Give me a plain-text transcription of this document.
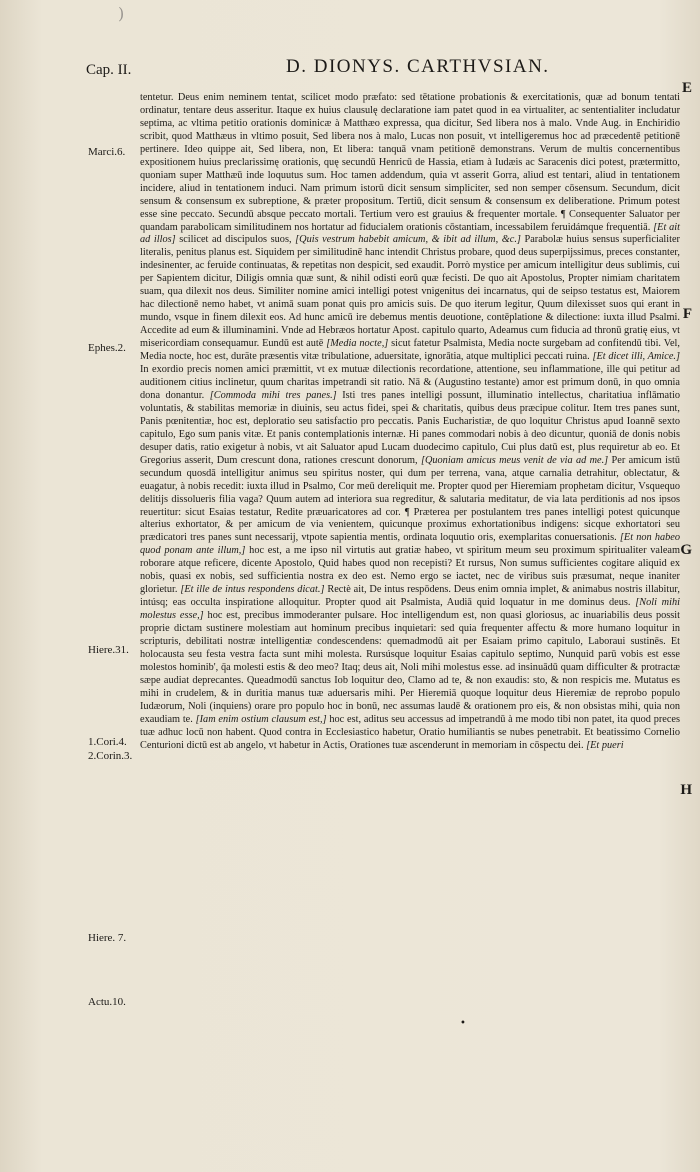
)
Cap. II.	D. DIONYS. CARTHVSIAN.
E
F
G
H
Marci.6.
Ephes.2.
Hiere.31.
1.Cori.4.
2.Corin.3.
Hiere. 7.
Actu.10.

tentetur. Deus enim neminem tentat, scilicet modo præfato: sed tētatione probationis & exercitationis, quæ ad bonum tentati ordinatur, tentare deus asseritur. Itaque ex huius clausulę declaratione iam patet quod in ea virtualiter, ac sententialiter includatur septima, ac vltima petitio orationis dominicæ à Matthæo expressa, qua dicitur, Sed libera nos à malo. Vnde Aug. in Enchiridio scribit, quod Matthæus in vltimo posuit, Sed libera nos à malo, Lucas non posuit, vt intelligeremus hoc ad præcedentē petitionē pertinere. Ideo quippe ait, Sed libera, non, Et libera: tanquā vnam petitionē demonstrans. Verum de multis concernentibus expositionem huius preclarissimę orationis, quę secundū Henricū de Hassia, etiam à Iudæis ac Saracenis dici potest, prætermitto, quoniam super Matthæū inde loquutus sum. Hoc tamen addendum, quia vt asserit Gorra, aliud est tentari, aliud in tentationem incidere, aliud in tentationem induci. Nam primum istorū dicit sensum simpliciter, sed non semper cōsensum. Secundum, dicit sensum & consensum ex subreptione, & præter propositum. Tertiū, dicit sensum & consensum ex deliberatione. Primum potest esse sine peccato. Secundū absque peccato mortali. Tertium vero est grauius & frequenter mortale. ¶ Consequenter Saluator per quandam parabolicam similitudinem nos hortatur ad fiducialem orationis cōstantiam, incessabilem feruidámque frequentiā. [Et ait ad illos] scilicet ad discipulos suos, [Quis vestrum habebit amicum, & ibit ad illum, &c.] Parabolæ huius sensus superficialiter literalis, penitus planus est. Siquidem per similitudinē hanc intendit Christus probare, quod deus superpijssimus, preces constanter, indesinenter, ac feruide continuatas, & repetitas non despicit, sed exaudit. Porrò mystice per amicum intelligitur deus sublimis, cui per Sapientem dicitur, Diligis omnia quæ sunt, & nihil odisti eorū quæ fecisti. De quo ait Apostolus, Propter nimiam charitatem suam, qua dilexit nos deus. Similiter nomine amici intelligi potest vnigenitus dei incarnatus, qui de seipso testatus est, Maiorem hac dilectionē nemo habet, vt animā suam ponat quis pro amicis suis. De quo iterum legitur, Quum dilexisset suos qui erant in mundo, vsque in finem dilexit eos. Ad hunc amicū ire debemus mentis deuotione, contēplatione & dilectione: iuxta illud Psalmi. Accedite ad eum & illuminamini. Vnde ad Hebræos hortatur Apost. capitulo quarto, Adeamus cum fiducia ad thronū gratię eius, vt misericordiam consequamur. Eundū est autē [Media nocte,] sicut fatetur Psalmista, Media nocte surgebam ad confitendū tibi. Vel, Media nocte, hoc est, duräte præsentis vitæ tribulatione, aduersitate, ignorātia, atque multiplici peccati ruina. [Et dicet illi, Amice.] In exordio precis nomen amici præmittit, vt ex mutuæ dilectionis recordatione, attentione, seu inflammatione, ille qui petitur ad auditionem citius inclinetur, quum charitas impetrandi sit ratio. Nā & (Augustino testante) amor est primum donū, in quo omnia dona donantur. [Commoda mihi tres panes.] Isti tres panes intelligi possunt, illuminatio intellectus, charitatiua inflāmatio voluntatis, & stabilitas memoriæ in diuinis, seu actus fidei, spei & charitatis, quibus deus præcipue colitur. Item tres panes sunt, Panis pœnitentiæ, hoc est, deploratio seu satisfactio pro peccatis. Panis Eucharistiæ, de quo loquitur Christus apud Ioannē sexto capitulo, Ego sum panis vitæ. Et panis contemplationis internæ. Hi panes commodari nobis à deo dicuntur, quoniā de donis nobis desuper datis, ratio exigetur à nobis, vt ait Saluator apud Lucam duodecimo capitulo, Cui plus datū est, plus requiretur ab eo. Et Gregorius asserit, Dum crescunt dona, rationes crescunt donorum, [Quoniam amicus meus venit de via ad me.] Per amicum istū secundum quosdā intelligitur animus seu spiritus noster, qui dum per terrena, vana, atque carnalia detrahitur, oblectatur, & euagatur, à nobis recedit: iuxta illud in Psalmo, Cor meū dereliquit me. Propter quod per Hieremiam prophetam dicitur, Vsquequo delitijs dissolueris filia vaga? Quum autem ad interiora sua regreditur, & salutaria meditatur, de via lata perditionis ad nos ipsos reuertitur: sicut Esaias testatur, Redite præuaricatores ad cor. ¶ Præterea per postulantem tres panes intelligi potest quicunque alterius exhortator, & per amicum de via venientem, quicunque proximus exhortationibus indigens: sicque exhortatori seu prædicatori tres panes sunt necessarij, vtpote sapientia mentis, ordinata loquutio oris, exemplaritas conuersationis. [Et non habeo quod ponam ante illum,] hoc est, a me ipso nil virtutis aut gratiæ habeo, vt spiritum meum seu proximum spiritualiter valeam roborare atque reficere, dicente Apostolo, Quid habes quod non recepisti? Et rursus, Non sumus sufficientes cogitare aliquid ex nobis, quasi ex nobis, sed sufficientia nostra ex deo est. Nemo ergo se iactet, nec de viribus suis præsumat, neque inaniter glorietur. [Et ille de intus respondens dicat.] Rectè ait, De intus respōdens. Deus enim omnia implet, & animabus nostris illabitur, intúsq; eas occulta inspiratione alloquitur. Propter quod ait Psalmista, Audiā quid loquatur in me dominus deus. [Noli mihi molestus esse,] hoc est, precibus immoderanter pulsare. Hoc intelligendum est, non quasi gloriosus, ac inuariabilis deus possit proprie dictam sustinere molestiam aut hominum precibus inquietari: sed quia frequenter affectu & more humano loquitur in scripturis, debilitati nostræ intelligentiæ condescendens: quemadmodū ait per Esaiam primo capitulo, Laboraui sustinēs. Et holocausta seu festa vestra facta sunt mihi molesta. Rursúsque loquitur Esaias capitulo septimo, Nunquid parū vobis est esse molestos hominib', q̄a molesti estis & deo meo? Itaq; deus ait, Noli mihi molestus esse. ad insinuādū quam difficulter & protractæ sæpe audiat deprecantes. Queadmodū sanctus Iob loquitur deo, Clamo ad te, & non exaudis: sto, & non respicis me. Mutatus es mihi in crudelem, & in duritia manus tuæ aduersaris mihi. Per Hieremiā quoque loquitur deus Hieremiæ de reprobo populo Iudæorum, Noli (inquiens) orare pro populo hoc in bonū, nec assumas laudē & orationem pro eis, & non obsistas mihi, quia non exaudiam te. [Iam enim ostium clausum est,] hoc est, aditus seu accessus ad impetrandū à me modo tibi non patet, ita quod preces tuæ adhuc locū non habent. Quod contra in Ecclesiastico habetur, Oratio humiliantis se nubes penetrabit. Et beatissimo Cornelio Centurioni dictū est ab angelo, vt habetur in Actis, Orationes tuæ ascenderunt in memoriam in cōspectu dei. [Et pueri

•
